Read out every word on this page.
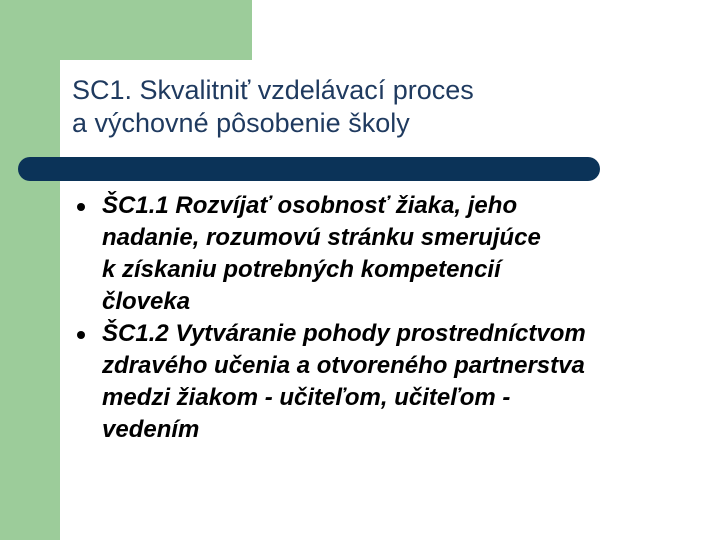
SC1. Skvalitniť vzdelávací proces
a výchovné pôsobenie školy
ŠC1.1 Rozvíjať osobnosť žiaka, jeho
nadanie, rozumovú stránku smerujúce
k získaniu potrebných kompetencií
človeka
ŠC1.2 Vytváranie pohody prostredníctvom
zdravého učenia a otvoreného partnerstva
medzi žiakom - učiteľom, učiteľom -
vedením
